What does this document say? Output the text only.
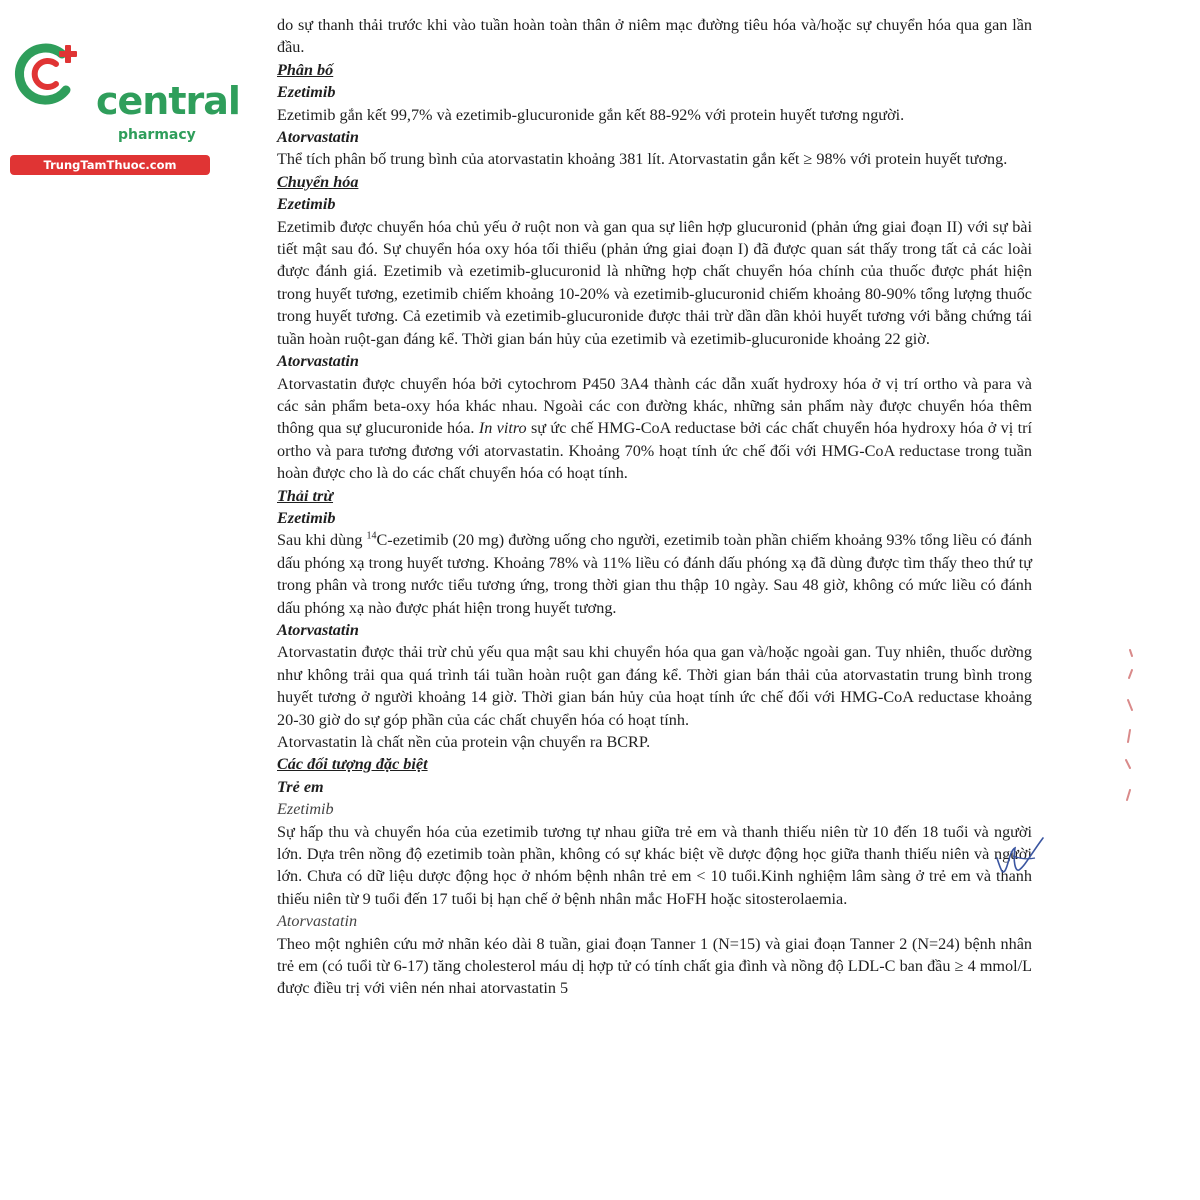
central
pharmacy
TrungTamThuoc.com

do sự thanh thải trước khi vào tuần hoàn toàn thân ở niêm mạc đường tiêu hóa và/hoặc sự chuyển hóa qua gan lần đầu.

Phân bố
Ezetimib

Ezetimib gắn kết 99,7% và ezetimib-glucuronide gắn kết 88-92% với protein huyết tương người.

Atorvastatin

Thể tích phân bố trung bình của atorvastatin khoảng 381 lít. Atorvastatin gắn kết ≥ 98% với protein huyết tương.

Chuyển hóa
Ezetimib

Ezetimib được chuyển hóa chủ yếu ở ruột non và gan qua sự liên hợp glucuronid (phản ứng giai đoạn II) với sự bài tiết mật sau đó. Sự chuyển hóa oxy hóa tối thiểu (phản ứng giai đoạn I) đã được quan sát thấy trong tất cả các loài được đánh giá. Ezetimib và ezetimib-glucuronid là những hợp chất chuyển hóa chính của thuốc được phát hiện trong huyết tương, ezetimib chiếm khoảng 10-20% và ezetimib-glucuronid chiếm khoảng 80-90% tổng lượng thuốc trong huyết tương. Cả ezetimib và ezetimib-glucuronide được thải trừ dần dần khỏi huyết tương với bằng chứng tái tuần hoàn ruột-gan đáng kể. Thời gian bán hủy của ezetimib và ezetimib-glucuronide khoảng 22 giờ.

Atorvastatin

Atorvastatin được chuyển hóa bởi cytochrom P450 3A4 thành các dẫn xuất hydroxy hóa ở vị trí ortho và para và các sản phẩm beta-oxy hóa khác nhau. Ngoài các con đường khác, những sản phẩm này được chuyển hóa thêm thông qua sự glucuronide hóa. In vitro sự ức chế HMG-CoA reductase bởi các chất chuyển hóa hydroxy hóa ở vị trí ortho và para tương đương với atorvastatin. Khoảng 70% hoạt tính ức chế đối với HMG-CoA reductase trong tuần hoàn được cho là do các chất chuyển hóa có hoạt tính.

Thải trừ
Ezetimib

Sau khi dùng $^{14}$C-ezetimib (20 mg) đường uống cho người, ezetimib toàn phần chiếm khoảng 93% tổng liều có đánh dấu phóng xạ trong huyết tương. Khoảng 78% và 11% liều có đánh dấu phóng xạ đã dùng được tìm thấy theo thứ tự trong phân và trong nước tiểu tương ứng, trong thời gian thu thập 10 ngày. Sau 48 giờ, không có mức liều có đánh dấu phóng xạ nào được phát hiện trong huyết tương.

Atorvastatin

Atorvastatin được thải trừ chủ yếu qua mật sau khi chuyển hóa qua gan và/hoặc ngoài gan. Tuy nhiên, thuốc dường như không trải qua quá trình tái tuần hoàn ruột gan đáng kể. Thời gian bán thải của atorvastatin trung bình trong huyết tương ở người khoảng 14 giờ. Thời gian bán hủy của hoạt tính ức chế đối với HMG-CoA reductase khoảng 20-30 giờ do sự góp phần của các chất chuyển hóa có hoạt tính.

Atorvastatin là chất nền của protein vận chuyển ra BCRP.

Các đối tượng đặc biệt
Trẻ em
Ezetimib

Sự hấp thu và chuyển hóa của ezetimib tương tự nhau giữa trẻ em và thanh thiếu niên từ 10 đến 18 tuổi và người lớn. Dựa trên nồng độ ezetimib toàn phần, không có sự khác biệt về dược động học giữa thanh thiếu niên và người lớn. Chưa có dữ liệu dược động học ở nhóm bệnh nhân trẻ em < 10 tuổi.Kinh nghiệm lâm sàng ở trẻ em và thanh thiếu niên từ 9 tuổi đến 17 tuổi bị hạn chế ở bệnh nhân mắc HoFH hoặc sitosterolaemia.

Atorvastatin

Theo một nghiên cứu mở nhãn kéo dài 8 tuần, giai đoạn Tanner 1 (N=15) và giai đoạn Tanner 2 (N=24) bệnh nhân trẻ em (có tuổi từ 6-17) tăng cholesterol máu dị hợp tử có tính chất gia đình và nồng độ LDL-C ban đầu ≥ 4 mmol/L được điều trị với viên nén nhai atorvastatin 5
